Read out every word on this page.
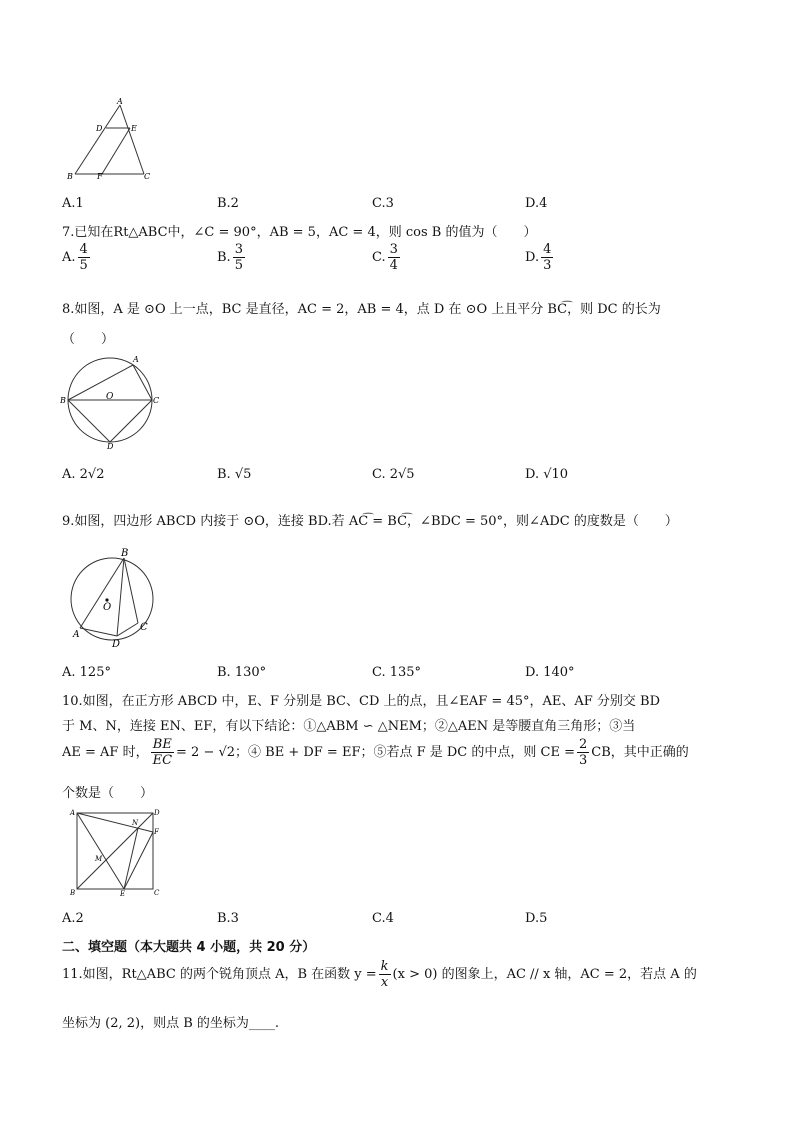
A
D	E
B	F	C
A.1	B.2	C.3	D.4
7.已知在Rt△ABC中，∠C = 90°，AB = 5，AC = 4，则 cos B 的值为（　　）
A. $\frac{4}{5}$	B. $\frac{3}{5}$	C. $\frac{3}{4}$	D. $\frac{4}{3}$
8.如图，A 是 ⊙O 上一点，BC 是直径，AC = 2，AB = 4，点 D 在 ⊙O 上且平分 BC͡，则 DC 的长为
（　　）
A
B	C
O
D
A. 2√2	B. √5	C. 2√5	D. √10
9.如图，四边形 ABCD 内接于 ⊙O，连接 BD.若 AC͡ = BC͡，∠BDC = 50°，则∠ADC 的度数是（　　）
B
O
A
D
C
A. 125°	B. 130°	C. 135°	D. 140°
10.如图，在正方形 ABCD 中，E、F 分别是 BC、CD 上的点，且∠EAF = 45°，AE、AF 分别交 BD
于 M、N，连接 EN、EF，有以下结论：①△ABM ∽ △NEM；②△AEN 是等腰直角三角形；③当
AE = AF 时， $\frac{BE}{EC} = 2 - √2$；④ BE + DF = EF；⑤若点 F 是 DC 的中点，则 CE = $\frac{2}{3}$ CB，其中正确的
个数是（　　）
A
N
D
F
M
B	E	C
A.2	B.3	C.4	D.5
二、填空题（本大题共 4 小题，共 20 分）
11.如图，Rt△ABC 的两个锐角顶点 A，B 在函数 $y = \frac{k}{x} (x > 0)$ 的图象上，AC // x 轴，AC = 2，若点 A 的
坐标为 (2, 2)，则点 B 的坐标为____.
